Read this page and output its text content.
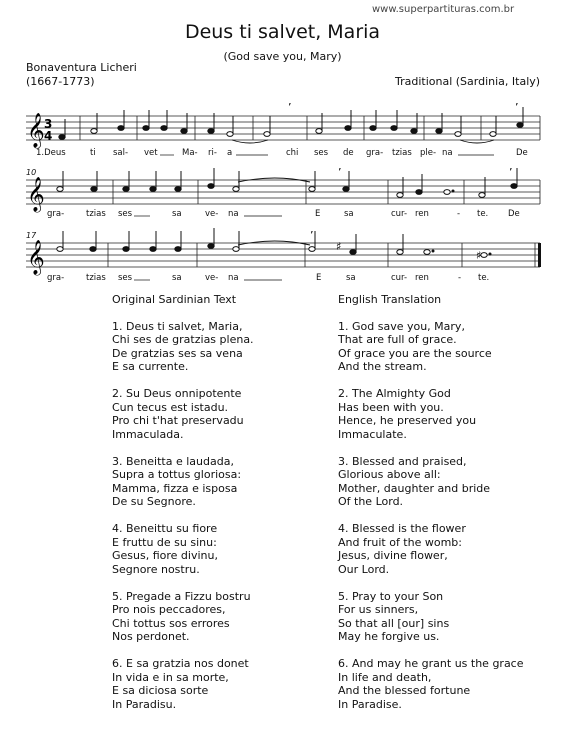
www.superpartituras.com.br
Deus ti salvet, Maria
(God save you, Mary)
Bonaventura Licheri
(1667-1773)	Traditional (Sardinia, Italy)
𝄞 3
4
’	’
1.Deus	ti sal- vet	Ma- ri- a	chi ses de gra- tzias ple- na	De
10
𝄞
’	’
gra-	tzias ses	sa	ve- na	E	sa	cur- ren	- te. De
17
𝄞	♯
♯
’
gra-	tzias ses	sa	ve- na	E	sa	cur- ren	- te.
Original Sardinian Text
1. Deus ti salvet, Maria,
Chi ses de gratzias plena.
De gratzias ses sa vena
E sa currente.
2. Su Deus onnipotente
Cun tecus est istadu.
Pro chi t'hat preservadu
Immaculada.
3. Beneitta e laudada,
Supra a tottus gloriosa:
Mamma, fizza e isposa
De su Segnore.
4. Beneittu su fiore
E fruttu de su sinu:
Gesus, fiore divinu,
Segnore nostru.
5. Pregade a Fizzu bostru
Pro nois peccadores,
Chi tottus sos errores
Nos perdonet.
6. E sa gratzia nos donet
In vida e in sa morte,
E sa diciosa sorte
In Paradisu.
English Translation
1. God save you, Mary,
That are full of grace.
Of grace you are the source
And the stream.
2. The Almighty God
Has been with you.
Hence, he preserved you
Immaculate.
3. Blessed and praised,
Glorious above all:
Mother, daughter and bride
Of the Lord.
4. Blessed is the flower
And fruit of the womb:
Jesus, divine flower,
Our Lord.
5. Pray to your Son
For us sinners,
So that all [our] sins
May he forgive us.
6. And may he grant us the grace
In life and death,
And the blessed fortune
In Paradise.
